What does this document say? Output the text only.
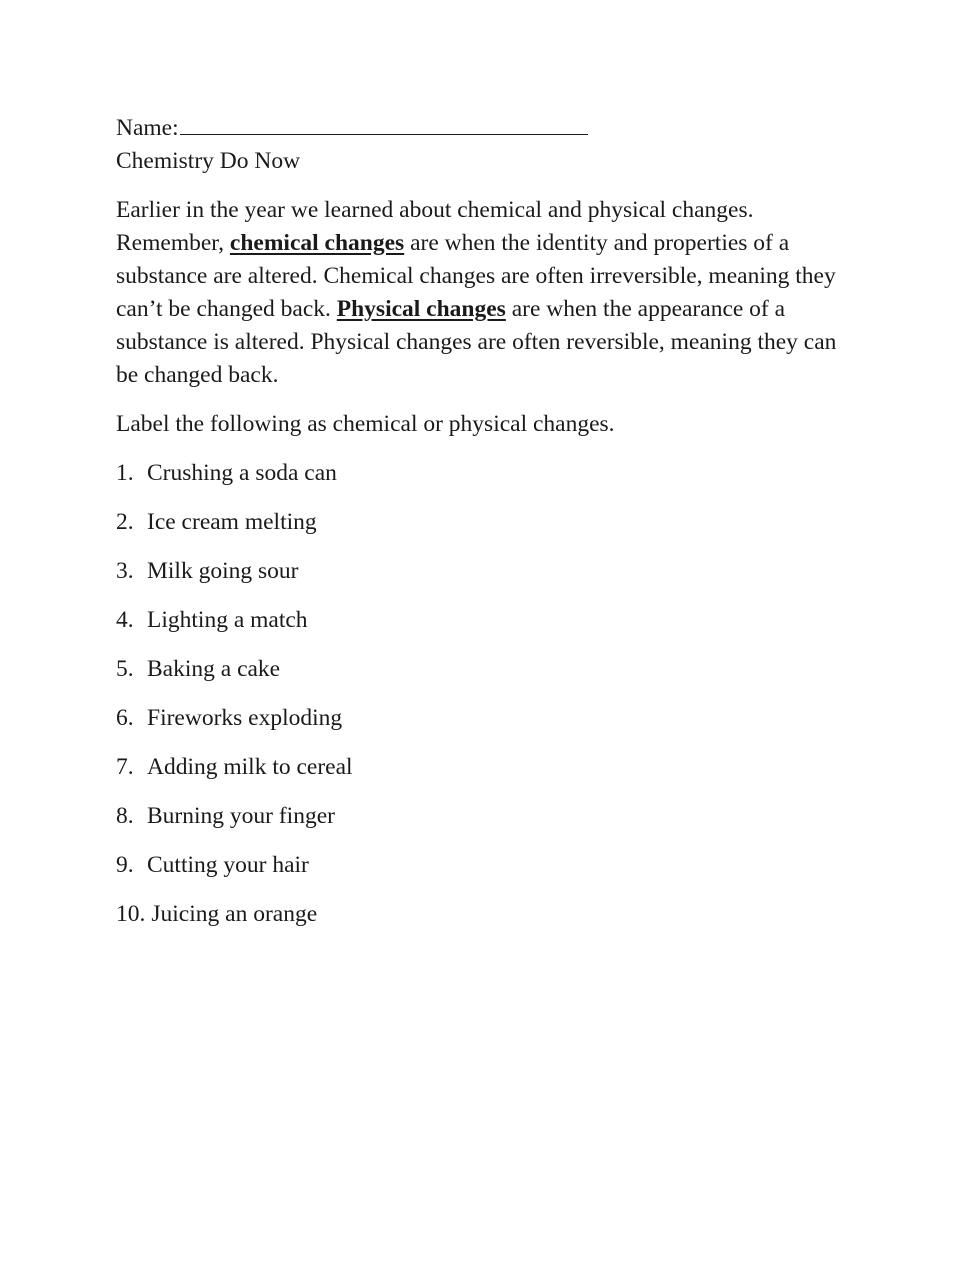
Name:
Chemistry Do Now

Earlier in the year we learned about chemical and physical changes. Remember, chemical changes are when the identity and properties of a substance are altered. Chemical changes are often irreversible, meaning they can’t be changed back. Physical changes are when the appearance of a substance is altered. Physical changes are often reversible, meaning they can be changed back.

Label the following as chemical or physical changes.
1. Crushing a soda can
2. Ice cream melting
3. Milk going sour
4. Lighting a match
5. Baking a cake
6. Fireworks exploding
7. Adding milk to cereal
8. Burning your finger
9. Cutting your hair
10. Juicing an orange
